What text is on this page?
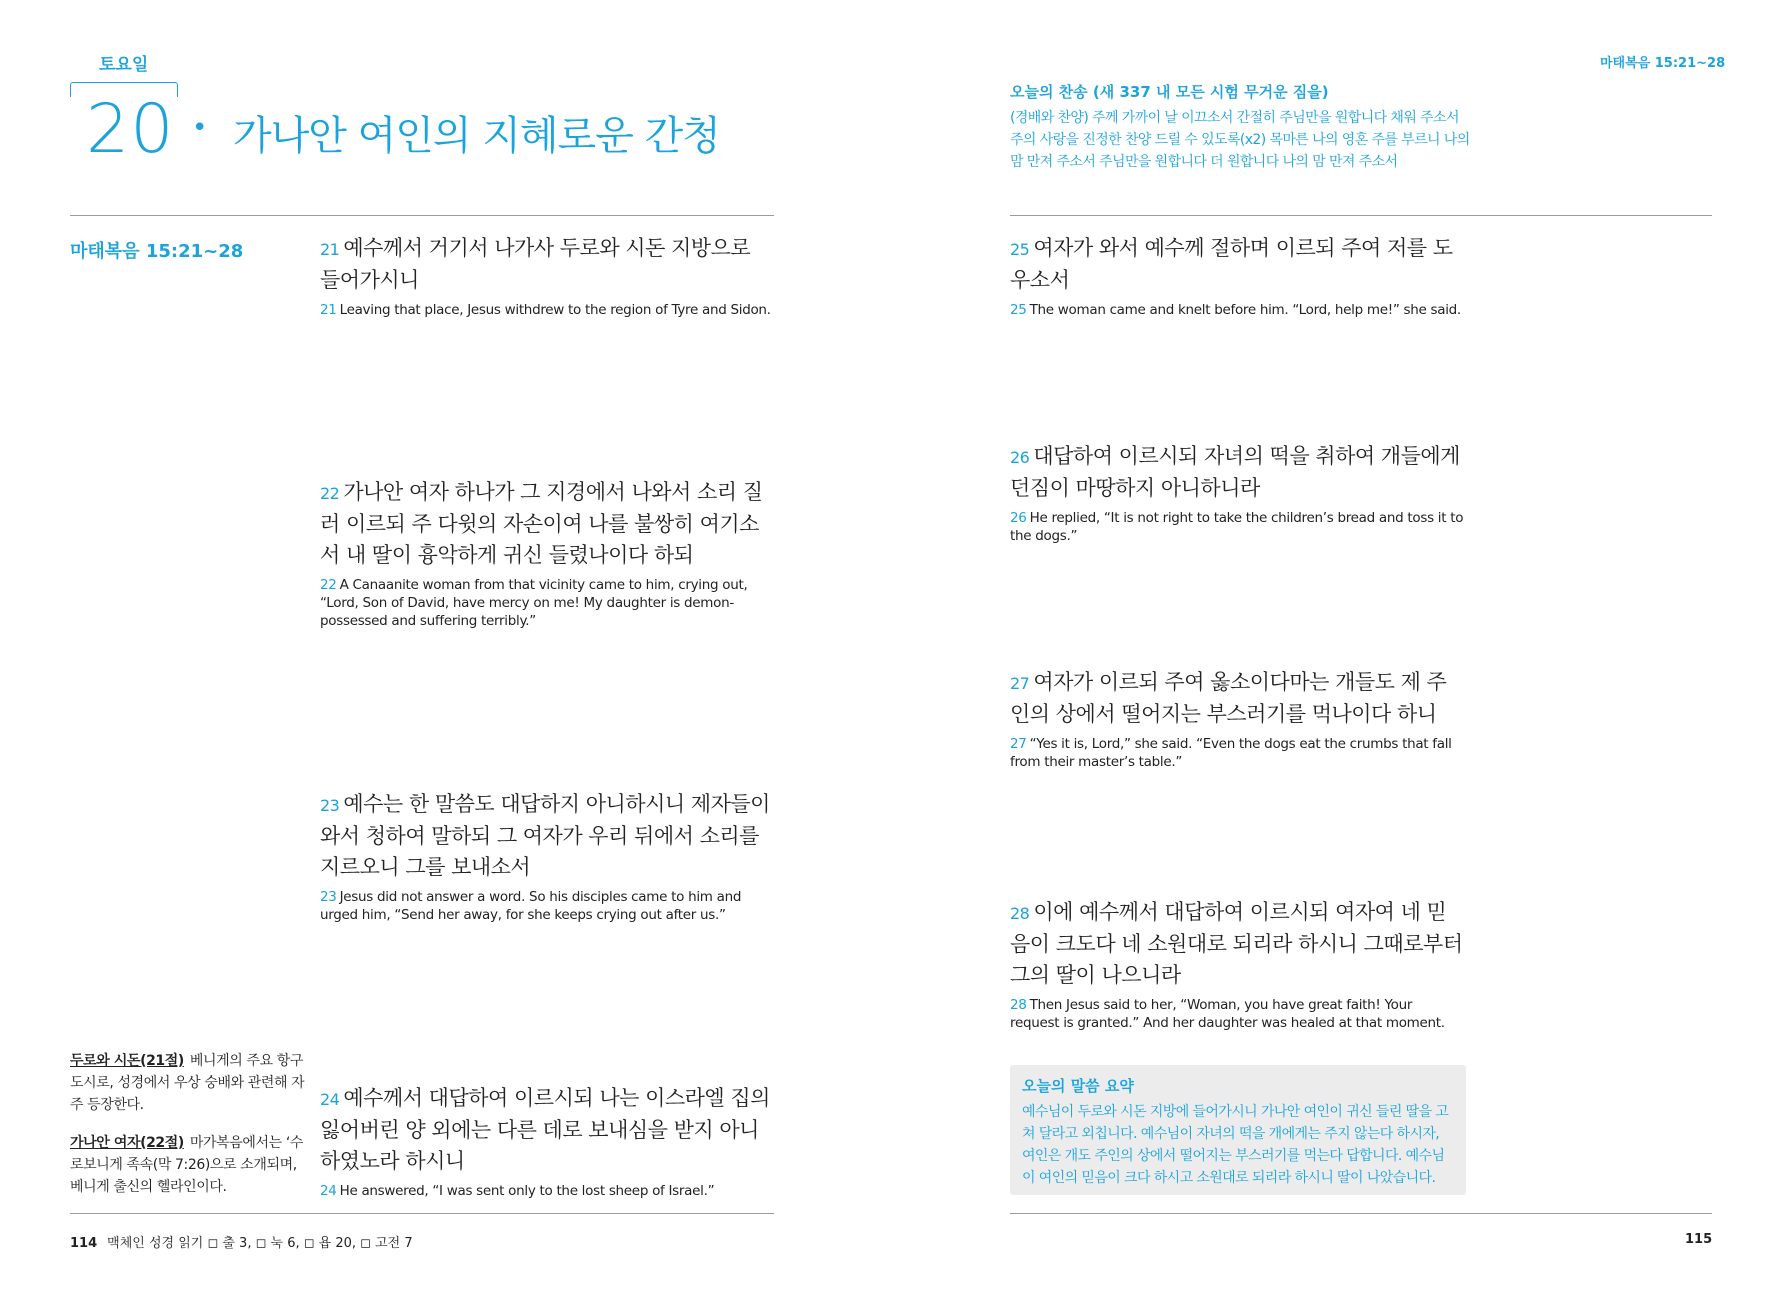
토요일
20 • 가나안 여인의 지혜로운 간청
마태복음 15:21~28	21 예수께서 거기서 나가사 두로와 시돈 지방으로 들어가시니
21 Leaving that place, Jesus withdrew to the region of Tyre and Sidon.
22 가나안 여자 하나가 그 지경에서 나와서 소리 질러 이르되 주 다윗의 자손이여 나를 불쌍히 여기소서 내 딸이 흉악하게 귀신 들렸나이다 하되
22 A Canaanite woman from that vicinity came to him, crying out, “Lord, Son of David, have mercy on me! My daughter is demon-possessed and suffering terribly.”
23 예수는 한 말씀도 대답하지 아니하시니 제자들이 와서 청하여 말하되 그 여자가 우리 뒤에서 소리를 지르오니 그를 보내소서
23 Jesus did not answer a word. So his disciples came to him and urged him, “Send her away, for she keeps crying out after us.”
24 예수께서 대답하여 이르시되 나는 이스라엘 집의 잃어버린 양 외에는 다른 데로 보내심을 받지 아니하였노라 하시니
24 He answered, “I was sent only to the lost sheep of Israel.”
두로와 시돈(21절) 베니게의 주요 항구 도시로, 성경에서 우상 숭배와 관련해 자주 등장한다.
가나안 여자(22절) 마가복음에서는 ‘수로보니게 족속(막 7:26)으로 소개되며, 베니게 출신의 헬라인이다.
114 맥체인 성경 읽기 ◻ 출 3, ◻ 눅 6, ◻ 욥 20, ◻ 고전 7
마태복음 15:21~28
오늘의 찬송 (새 337 내 모든 시험 무거운 짐을)
(경배와 찬양) 주께 가까이 날 이끄소서 간절히 주님만을 원합니다 채워 주소서 주의 사랑을 진정한 찬양 드릴 수 있도록(x2) 목마른 나의 영혼 주를 부르니 나의 맘 만져 주소서 주님만을 원합니다 더 원합니다 나의 맘 만져 주소서
25 여자가 와서 예수께 절하며 이르되 주여 저를 도우소서
25 The woman came and knelt before him. “Lord, help me!” she said.
26 대답하여 이르시되 자녀의 떡을 취하여 개들에게 던짐이 마땅하지 아니하니라
26 He replied, “It is not right to take the children’s bread and toss it to the dogs.”
27 여자가 이르되 주여 옳소이다마는 개들도 제 주인의 상에서 떨어지는 부스러기를 먹나이다 하니
27 “Yes it is, Lord,” she said. “Even the dogs eat the crumbs that fall from their master’s table.”
28 이에 예수께서 대답하여 이르시되 여자여 네 믿음이 크도다 네 소원대로 되리라 하시니 그때로부터 그의 딸이 나으니라
28 Then Jesus said to her, “Woman, you have great faith! Your request is granted.” And her daughter was healed at that moment.
오늘의 말씀 요약
예수님이 두로와 시돈 지방에 들어가시니 가나안 여인이 귀신 들린 딸을 고쳐 달라고 외칩니다. 예수님이 자녀의 떡을 개에게는 주지 않는다 하시자, 여인은 개도 주인의 상에서 떨어지는 부스러기를 먹는다 답합니다. 예수님이 여인의 믿음이 크다 하시고 소원대로 되리라 하시니 딸이 나았습니다.
115
